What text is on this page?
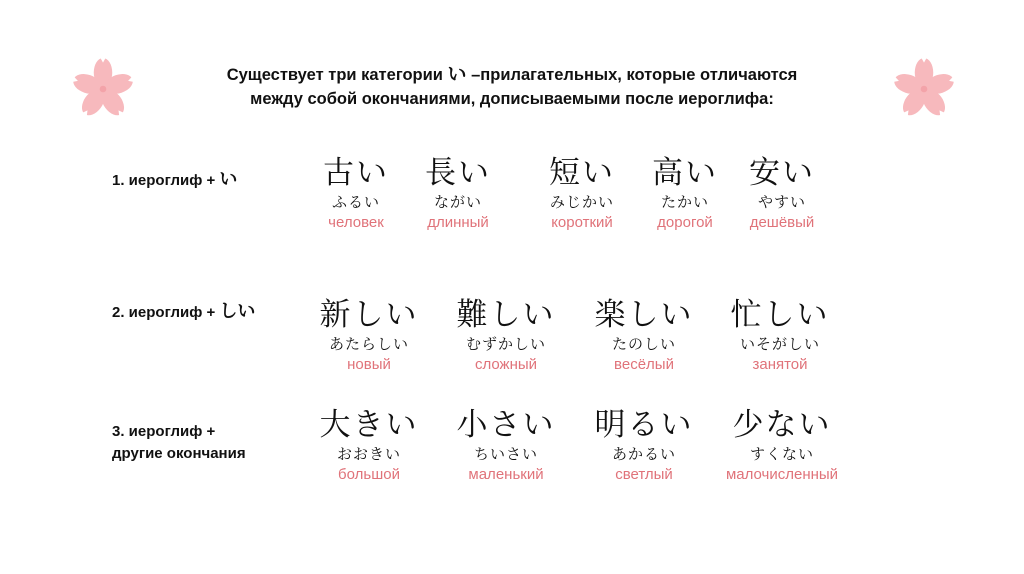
Существует три категории い –прилагательных, которые отличаются
между собой окончаниями, дописываемыми после иероглифа:
1. иероглиф + い
2. иероглиф + しい
3. иероглиф +
другие окончания
古い
ふるい
человек
長い
ながい
длинный
短い
みじかい
короткий
高い
たかい
дорогой
安い
やすい
дешёвый
新しい
あたらしい
новый
難しい
むずかしい
сложный
楽しい
たのしい
весёлый
忙しい
いそがしい
занятой
大きい
おおきい
большой
小さい
ちいさい
маленький
明るい
あかるい
светлый
少ない
すくない
малочисленный
